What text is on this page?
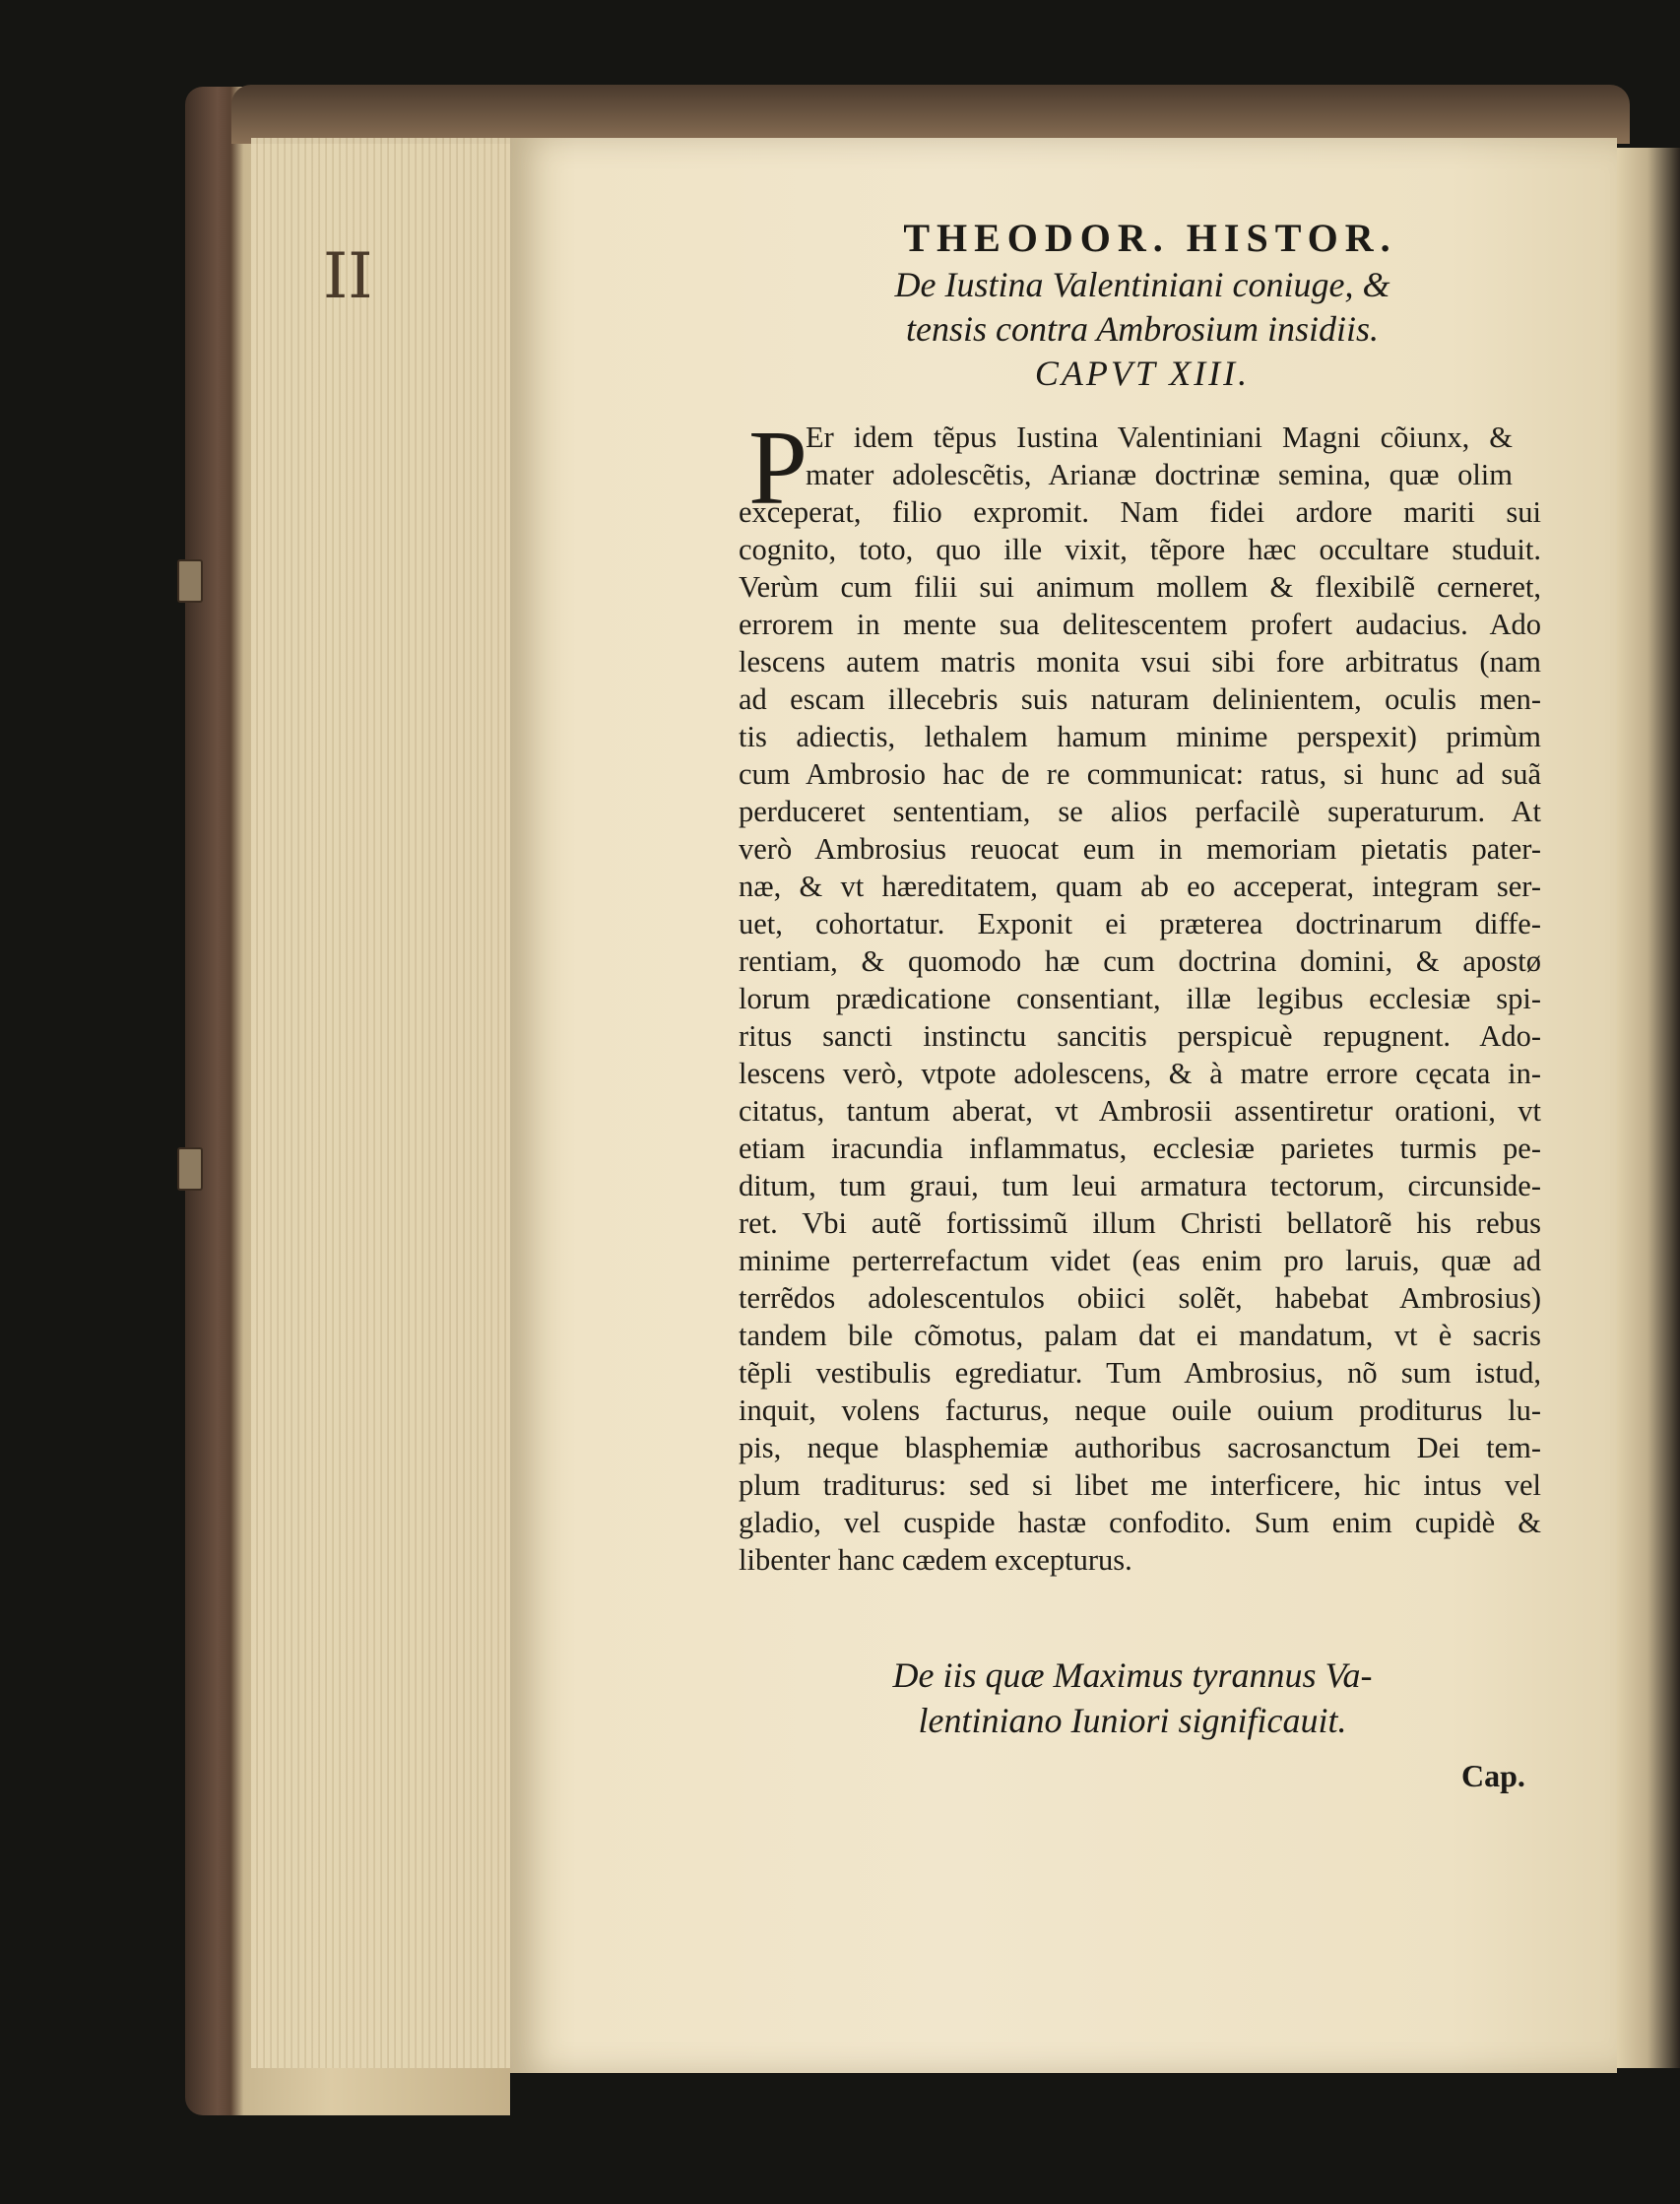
II
THEODOR. HISTOR.
De Iustina Valentiniani coniuge, &
tensis contra Ambrosium insidiis.
CAPVT XIII.
P
Er idem tẽpus Iustina Valentiniani Magni cõiunx, &
mater adolescẽtis, Arianæ doctrinæ semina, quæ olim
exceperat, filio expromit. Nam fidei ardore mariti sui
cognito, toto, quo ille vixit, tẽpore hæc occultare studuit.
Verùm cum filii sui animum mollem & flexibilẽ cerneret,
errorem in mente sua delitescentem profert audacius. Ado
lescens autem matris monita vsui sibi fore arbitratus (nam
ad escam illecebris suis naturam delinientem, oculis men-
tis adiectis, lethalem hamum minime perspexit) primùm
cum Ambrosio hac de re communicat: ratus, si hunc ad suã
perduceret sententiam, se alios perfacilè superaturum. At
verò Ambrosius reuocat eum in memoriam pietatis pater-
næ, & vt hæreditatem, quam ab eo acceperat, integram ser-
uet, cohortatur. Exponit ei præterea doctrinarum diffe-
rentiam, & quomodo hæ cum doctrina domini, & apostø
lorum prædicatione consentiant, illæ legibus ecclesiæ spi-
ritus sancti instinctu sancitis perspicuè repugnent. Ado-
lescens verò, vtpote adolescens, & à matre errore cęcata in-
citatus, tantum aberat, vt Ambrosii assentiretur orationi, vt
etiam iracundia inflammatus, ecclesiæ parietes turmis pe-
ditum, tum graui, tum leui armatura tectorum, circunside-
ret. Vbi autẽ fortissimũ illum Christi bellatorẽ his rebus
minime perterrefactum videt (eas enim pro laruis, quæ ad
terrẽdos adolescentulos obiici solẽt, habebat Ambrosius)
tandem bile cõmotus, palam dat ei mandatum, vt è sacris
tẽpli vestibulis egrediatur. Tum Ambrosius, nõ sum istud,
inquit, volens facturus, neque ouile ouium proditurus lu-
pis, neque blasphemiæ authoribus sacrosanctum Dei tem-
plum traditurus: sed si libet me interficere, hic intus vel
gladio, vel cuspide hastæ confodito. Sum enim cupidè &
libenter hanc cædem excepturus.
De iis quæ Maximus tyrannus Va-
lentiniano Iuniori significauit.
Cap.
